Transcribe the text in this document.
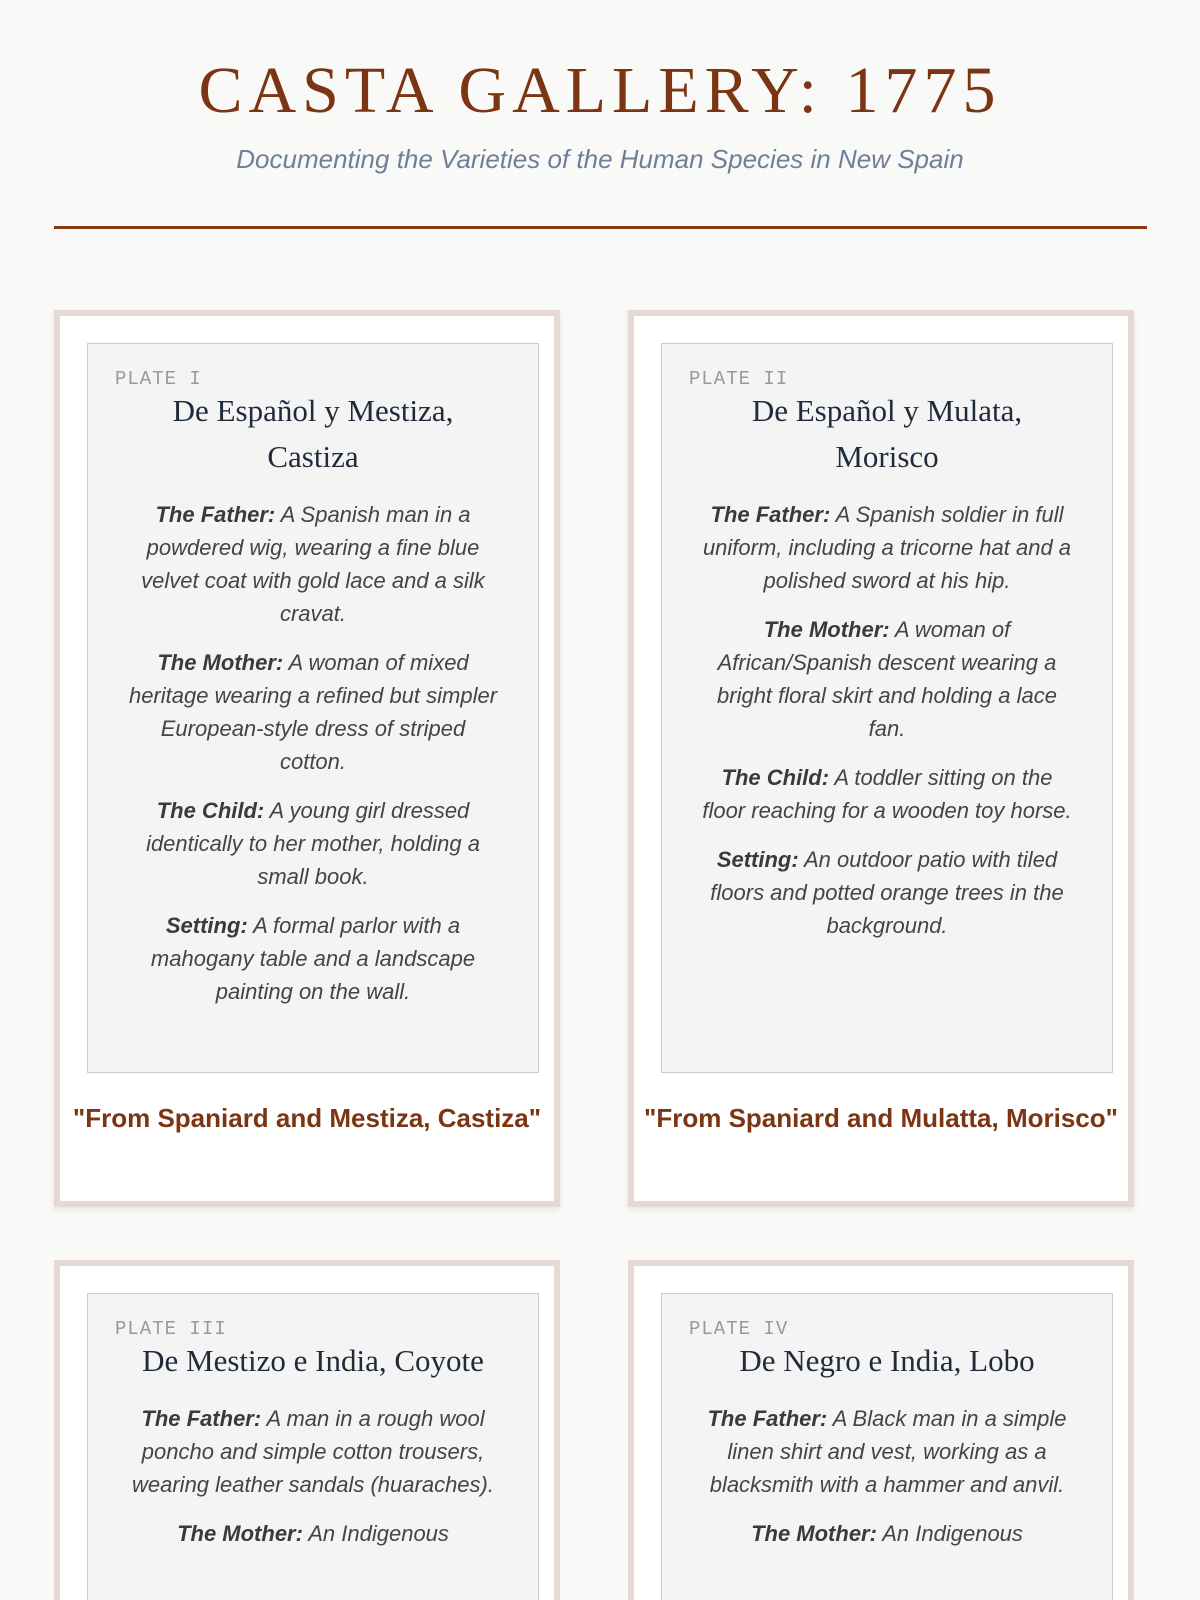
CASTA GALLERY: 1775
Documenting the Varieties of the Human Species in New Spain
PLATE I
De Español y Mestiza, Castiza

The Father: A Spanish man in a powdered wig, wearing a fine blue velvet coat with gold lace and a silk cravat.

The Mother: A woman of mixed heritage wearing a refined but simpler European-style dress of striped cotton.

The Child: A young girl dressed identically to her mother, holding a small book.

Setting: A formal parlor with a mahogany table and a landscape painting on the wall.

"From Spaniard and Mestiza, Castiza"
PLATE II
De Español y Mulata, Morisco

The Father: A Spanish soldier in full uniform, including a tricorne hat and a polished sword at his hip.

The Mother: A woman of African/Spanish descent wearing a bright floral skirt and holding a lace fan.

The Child: A toddler sitting on the floor reaching for a wooden toy horse.

Setting: An outdoor patio with tiled floors and potted orange trees in the background.

"From Spaniard and Mulatta, Morisco"
PLATE III
De Mestizo e India, Coyote

The Father: A man in a rough wool poncho and simple cotton trousers, wearing leather sandals (huaraches).

The Mother: An Indigenous

PLATE IV
De Negro e India, Lobo

The Father: A Black man in a simple linen shirt and vest, working as a blacksmith with a hammer and anvil.

The Mother: An Indigenous
